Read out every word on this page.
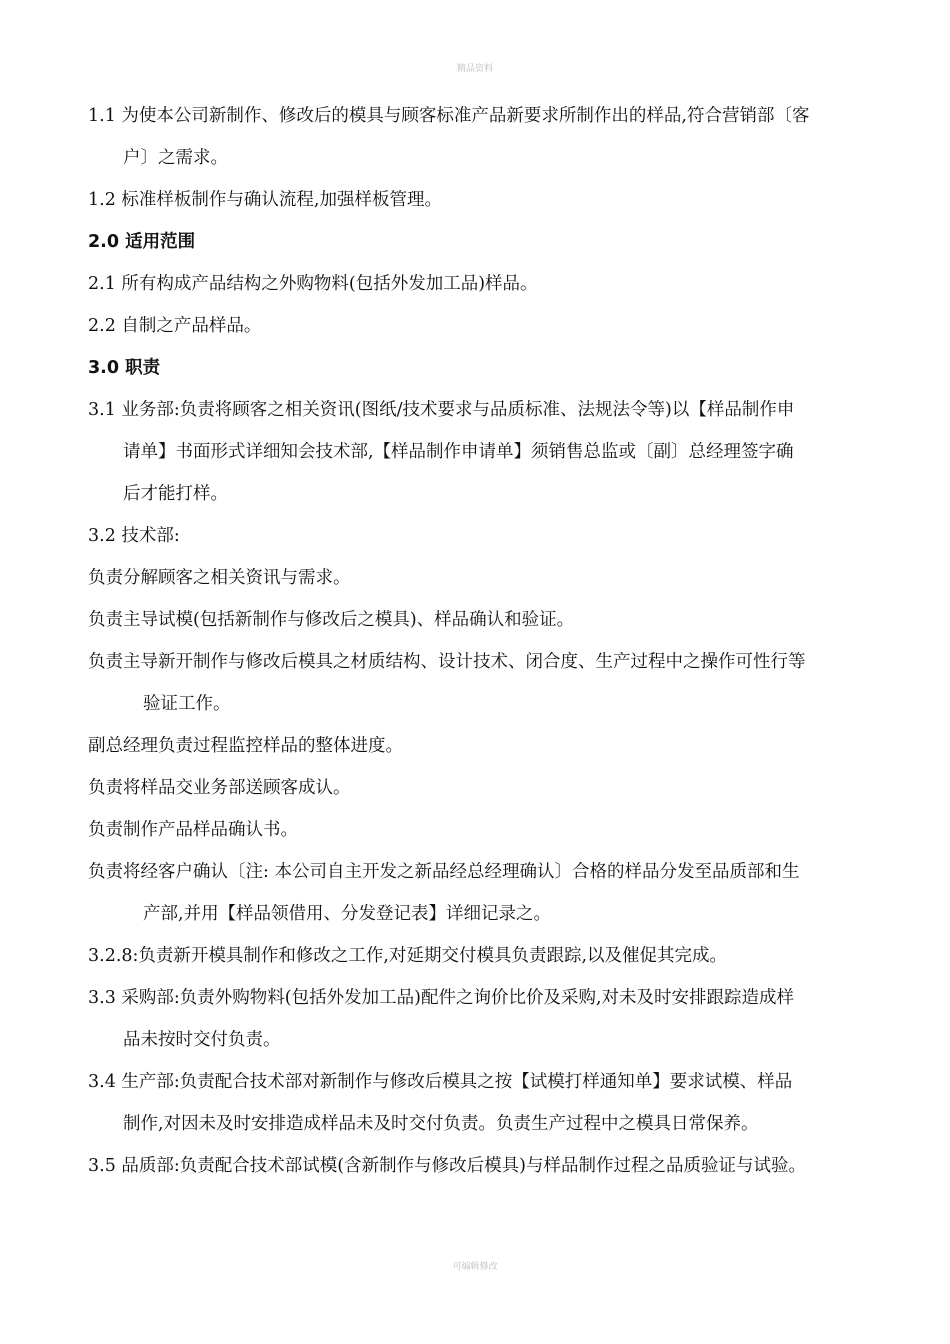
精品资料
1.1 为使本公司新制作、修改后的模具与顾客标准产品新要求所制作出的样品,符合营销部〔客
户〕之需求。
1.2 标准样板制作与确认流程,加强样板管理。
2.0 适用范围
2.1 所有构成产品结构之外购物料(包括外发加工品)样品。
2.2 自制之产品样品。
3.0 职责
3.1 业务部:负责将顾客之相关资讯(图纸/技术要求与品质标准、法规法令等)以【样品制作申
请单】书面形式详细知会技术部,【样品制作申请单】须销售总监或〔副〕总经理签字确
后才能打样。
3.2 技术部:
负责分解顾客之相关资讯与需求。
负责主导试模(包括新制作与修改后之模具)、样品确认和验证。
负责主导新开制作与修改后模具之材质结构、设计技术、闭合度、生产过程中之操作可性行等
验证工作。
副总经理负责过程监控样品的整体进度。
负责将样品交业务部送顾客成认。
负责制作产品样品确认书。
负责将经客户确认〔注: 本公司自主开发之新品经总经理确认〕合格的样品分发至品质部和生
产部,并用【样品领借用、分发登记表】详细记录之。
3.2.8:负责新开模具制作和修改之工作,对延期交付模具负责跟踪,以及催促其完成。
3.3 采购部:负责外购物料(包括外发加工品)配件之询价比价及采购,对未及时安排跟踪造成样
品未按时交付负责。
3.4 生产部:负责配合技术部对新制作与修改后模具之按【试模打样通知单】要求试模、样品
制作,对因未及时安排造成样品未及时交付负责。负责生产过程中之模具日常保养。
3.5 品质部:负责配合技术部试模(含新制作与修改后模具)与样品制作过程之品质验证与试验。
可编辑修改
